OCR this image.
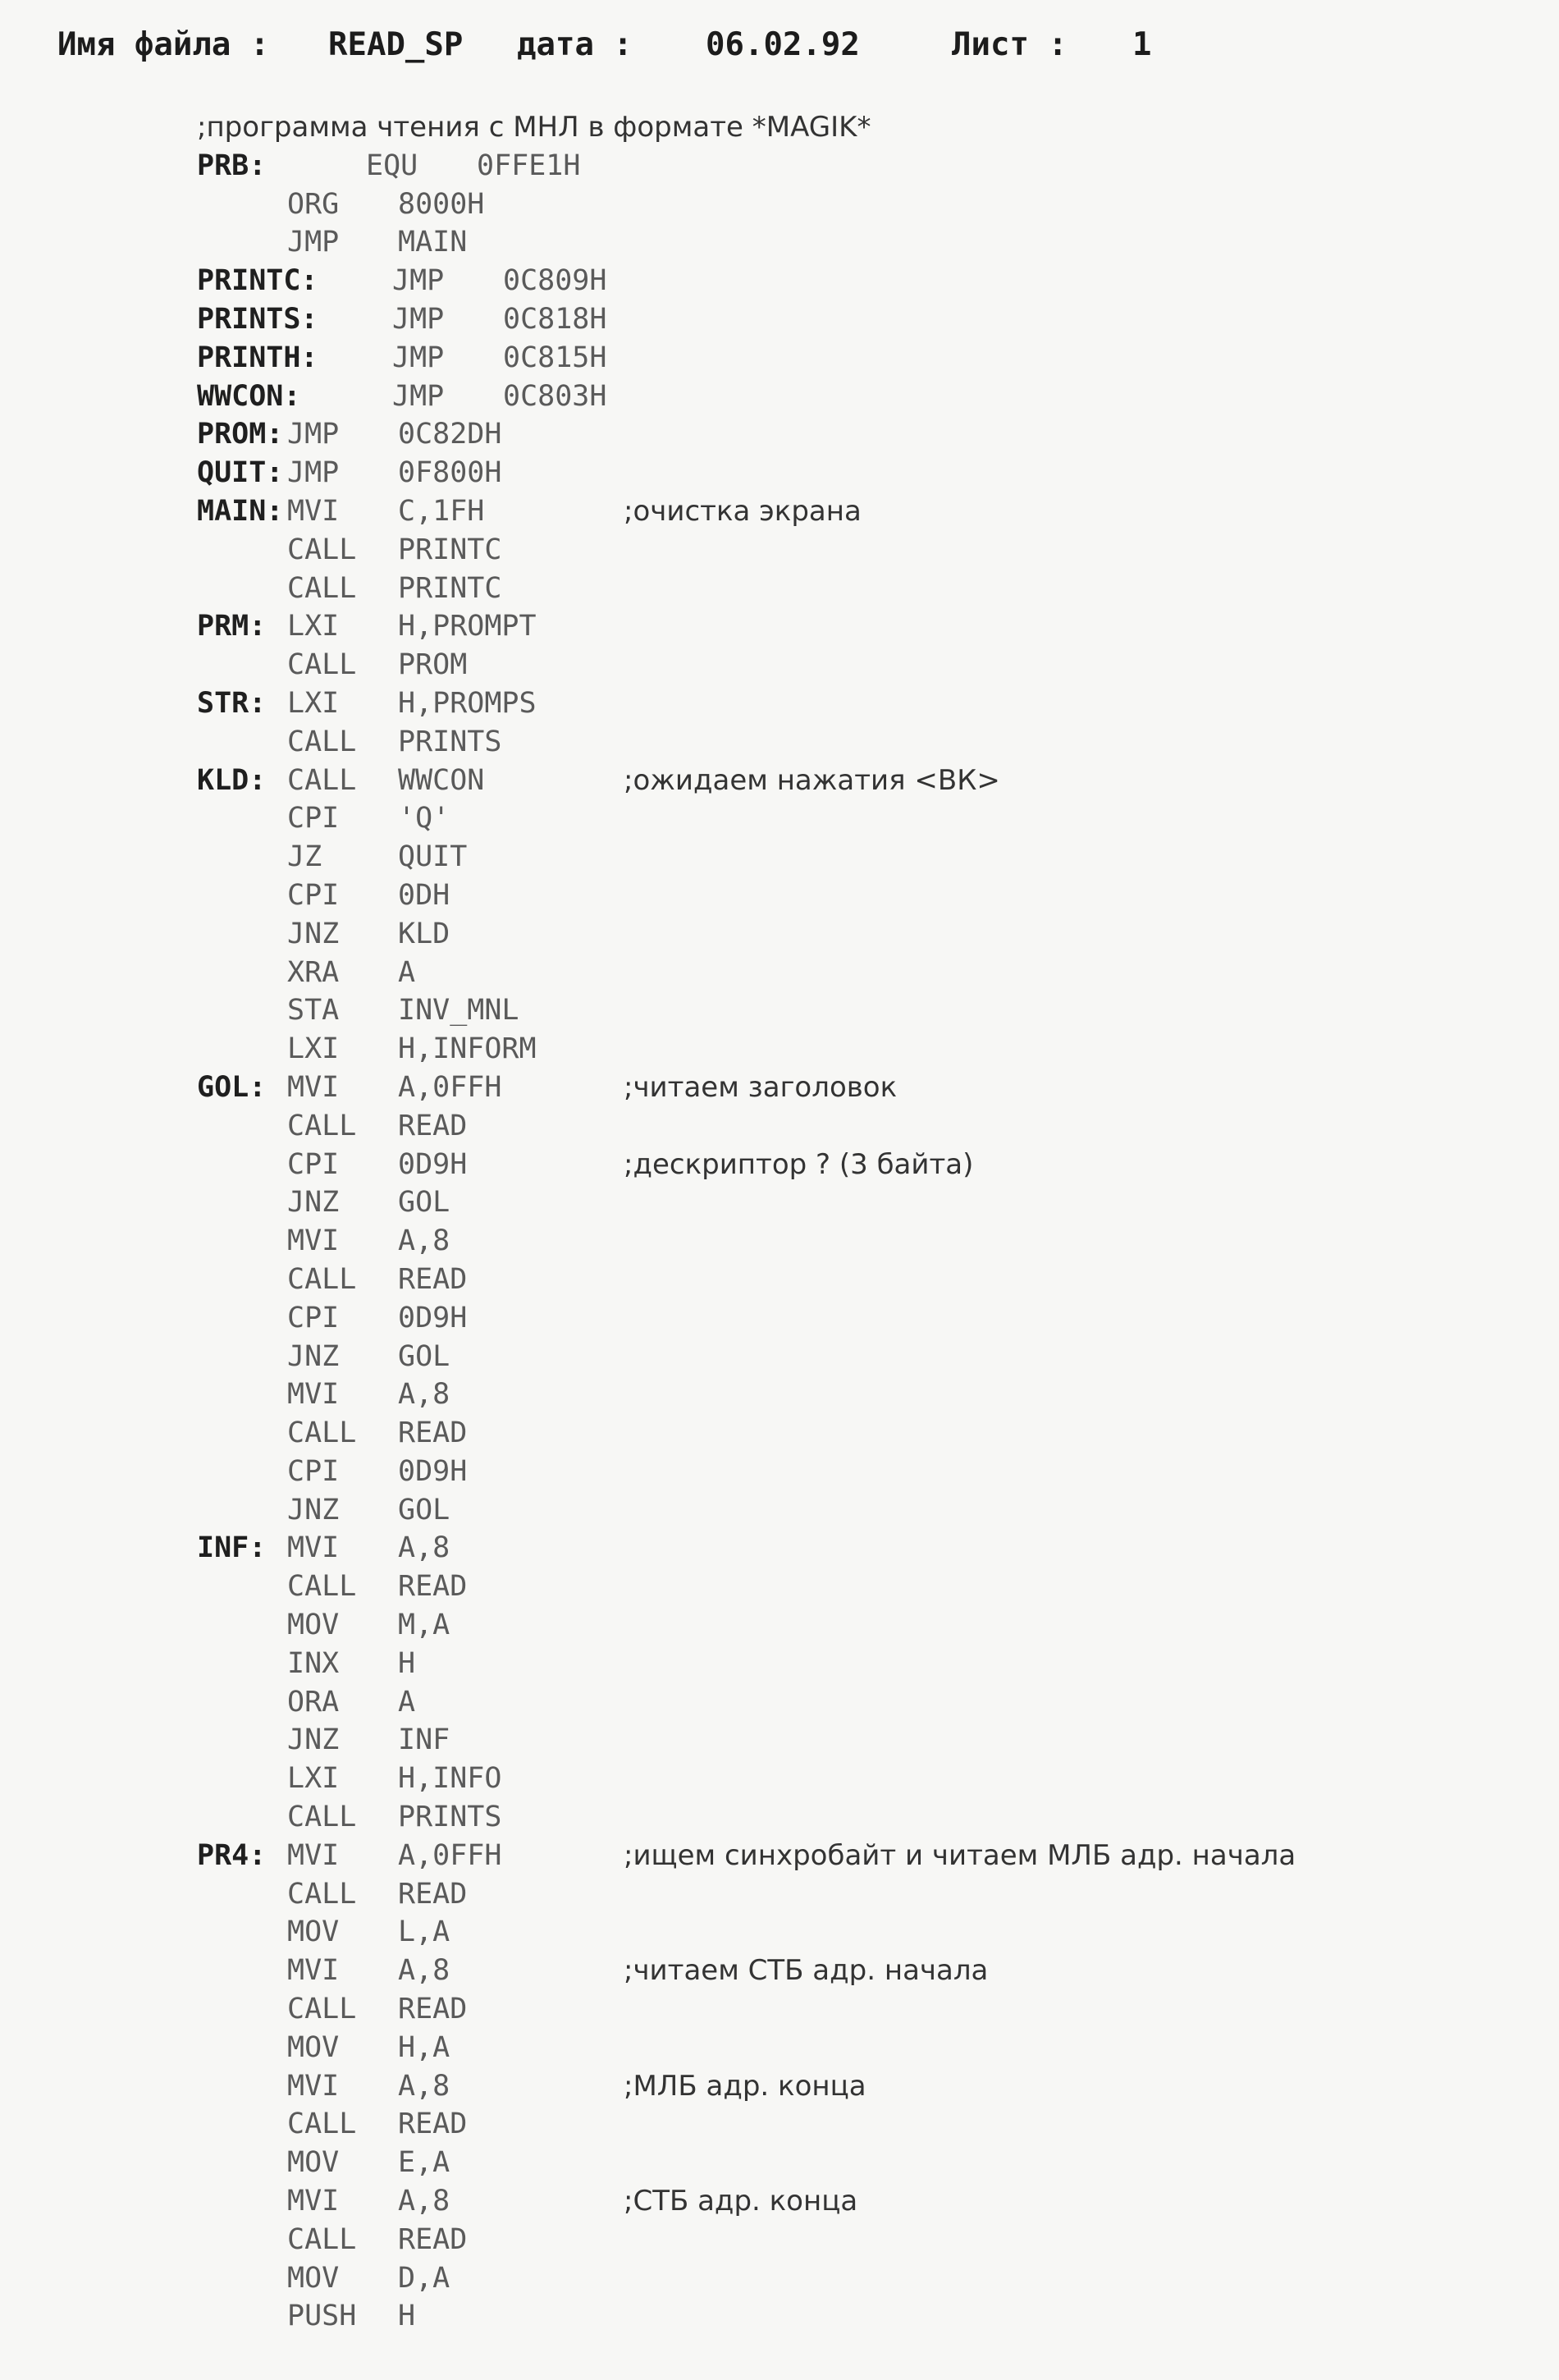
Имя файла :

READ_SP

дата :

06.02.92

	Лист :

1

;программа чтения с МНЛ в формате *MAGIK*
PRB:	EQU 0FFE1H
ORG 8000H
JMP MAIN
PRINTC:	JMP 0C809H
PRINTS:	JMP 0C818H
PRINTH:	JMP 0C815H
WWCON:	JMP 0C803H
PROM: JMP 0C82DH
QUIT: JMP 0F800H
MAIN: MVI C,1FH	;очистка экрана
CALL PRINTC
CALL PRINTC
PRM: LXI H,PROMPT
CALL PROM
STR: LXI H,PROMPS
CALL PRINTS
KLD: CALL WWCON	;ожидаем нажатия <ВК>
CPI 'Q'
JZ	QUIT
CPI 0DH
JNZ KLD
XRA A
STA INV_MNL
LXI H,INFORM
GOL: MVI A,0FFH	;читаем заголовок
CALL READ
CPI 0D9H	;дескриптор ? (3 байта)
JNZ GOL
MVI A,8
CALL READ
CPI 0D9H
JNZ GOL
MVI A,8
CALL READ
CPI 0D9H
JNZ GOL
INF: MVI A,8
CALL READ
MOV M,A
INX H
ORA A
JNZ INF
LXI H,INFO
CALL PRINTS
PR4: MVI A,0FFH	;ищем синхробайт и читаем МЛБ адр. начала
CALL READ
MOV L,A
MVI A,8	;читаем СТБ адр. начала
CALL READ
MOV H,A
MVI A,8	;МЛБ адр. конца
CALL READ
MOV E,A
MVI A,8	;СТБ адр. конца
CALL READ
MOV D,A
PUSH H
